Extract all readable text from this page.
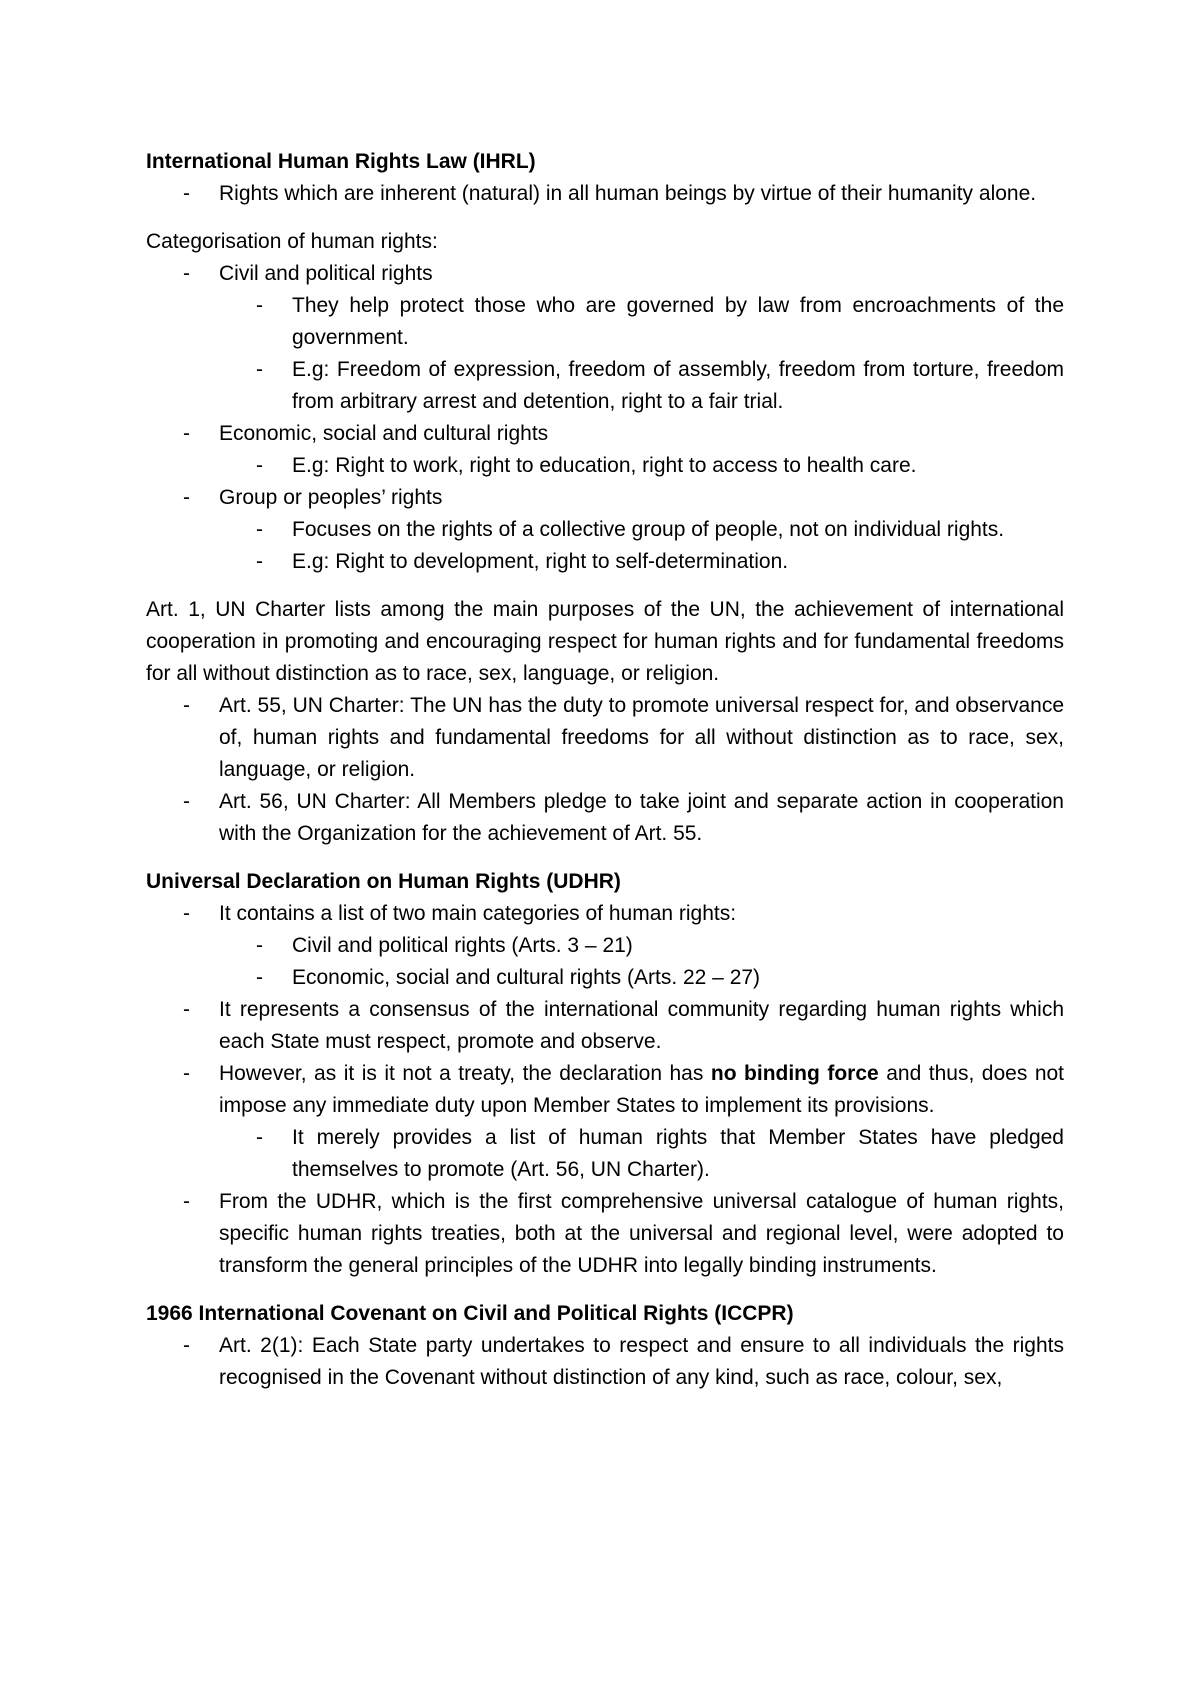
International Human Rights Law (IHRL)

- Rights which are inherent (natural) in all human beings by virtue of their humanity alone.

Categorisation of human rights:

- Civil and political rights
- They help protect those who are governed by law from encroachments of the government.
- E.g: Freedom of expression, freedom of assembly, freedom from torture, freedom from arbitrary arrest and detention, right to a fair trial.
- Economic, social and cultural rights
- E.g: Right to work, right to education, right to access to health care.
- Group or peoples’ rights
- Focuses on the rights of a collective group of people, not on individual rights.
- E.g: Right to development, right to self-determination.

Art. 1, UN Charter lists among the main purposes of the UN, the achievement of international cooperation in promoting and encouraging respect for human rights and for fundamental freedoms for all without distinction as to race, sex, language, or religion.

- Art. 55, UN Charter: The UN has the duty to promote universal respect for, and observance of, human rights and fundamental freedoms for all without distinction as to race, sex, language, or religion.
- Art. 56, UN Charter: All Members pledge to take joint and separate action in cooperation with the Organization for the achievement of Art. 55.

Universal Declaration on Human Rights (UDHR)

- It contains a list of two main categories of human rights:
- Civil and political rights (Arts. 3 – 21)
- Economic, social and cultural rights (Arts. 22 – 27)
- It represents a consensus of the international community regarding human rights which each State must respect, promote and observe.
- However, as it is it not a treaty, the declaration has no binding force and thus, does not impose any immediate duty upon Member States to implement its provisions.
- It merely provides a list of human rights that Member States have pledged themselves to promote (Art. 56, UN Charter).
- From the UDHR, which is the first comprehensive universal catalogue of human rights, specific human rights treaties, both at the universal and regional level, were adopted to transform the general principles of the UDHR into legally binding instruments.

1966 International Covenant on Civil and Political Rights (ICCPR)

- Art. 2(1): Each State party undertakes to respect and ensure to all individuals the rights recognised in the Covenant without distinction of any kind, such as race, colour, sex,
